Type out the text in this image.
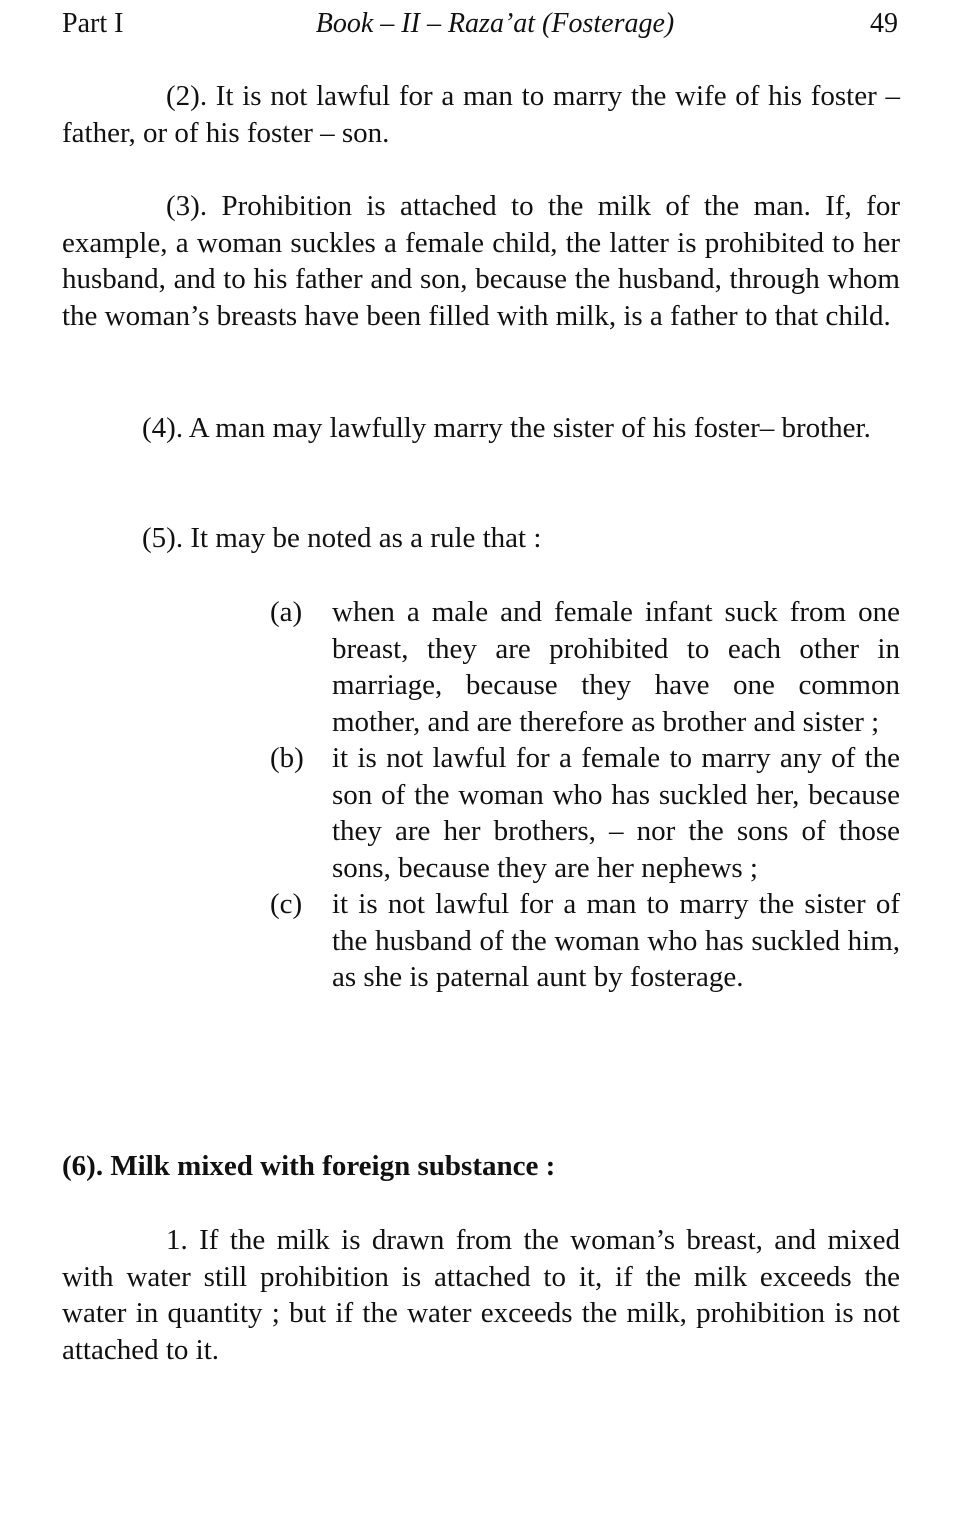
Part I	Book – II – Raza’at (Fosterage)	49

(2). It is not lawful for a man to marry the wife of his foster – father, or of his foster – son.

(3). Prohibition is attached to the milk of the man. If, for example, a woman suckles a female child, the latter is prohibited to her husband, and to his father and son, because the husband, through whom the woman’s breasts have been filled with milk, is a father to that child.

(4). A man may lawfully marry the sister of his foster– brother.

(5). It may be noted as a rule that :

(a)	when a male and female infant suck from one breast, they are prohibited to each other in marriage, because they have one common mother, and are therefore as brother and sister ;
(b) it is not lawful for a female to marry any of the son of the woman who has suckled her, because they are her brothers, – nor the sons of those sons, because they are her nephews ;
(c)	it is not lawful for a man to marry the sister of the husband of the woman who has suckled him, as she is paternal aunt by fosterage.

(6). Milk mixed with foreign substance :

1. If the milk is drawn from the woman’s breast, and mixed with water still prohibition is attached to it, if the milk exceeds the water in quantity ; but if the water exceeds the milk, prohibition is not attached to it.
